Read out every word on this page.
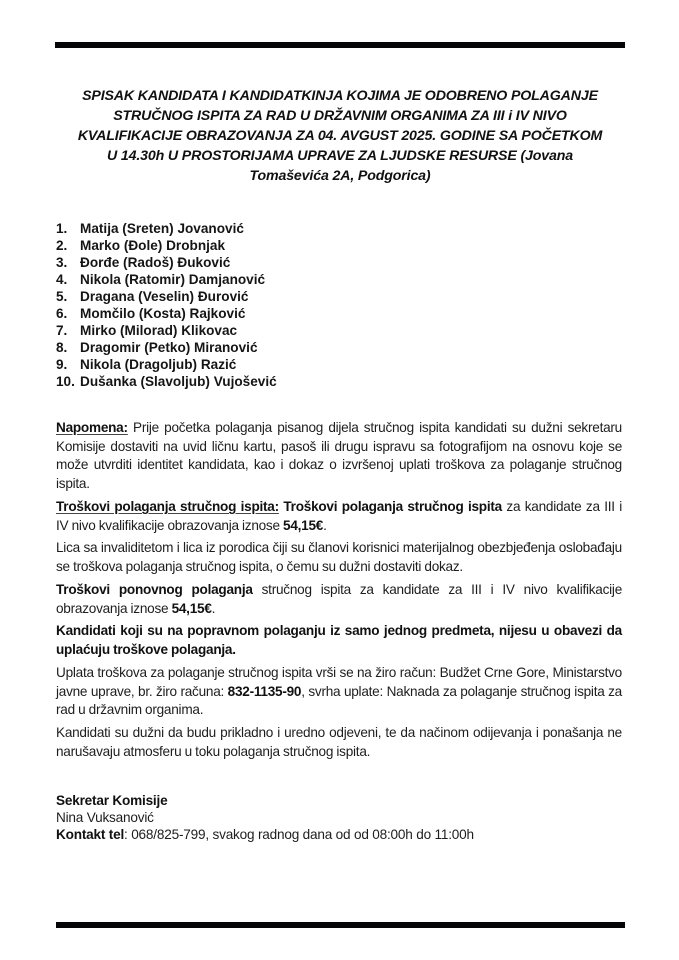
SPISAK KANDIDATA I KANDIDATKINJA KOJIMA JE ODOBRENO POLAGANJE
STRUČNOG ISPITA ZA RAD U DRŽAVNIM ORGANIMA ZA III i IV NIVO
KVALIFIKACIJE OBRAZOVANJA ZA 04. AVGUST 2025. GODINE SA POČETKOM
U 14.30h U PROSTORIJAMA UPRAVE ZA LJUDSKE RESURSE (Jovana
Tomaševića 2A, Podgorica)
1. Matija (Sreten) Jovanović
2. Marko (Đole) Drobnjak
3. Đorđe (Radoš) Đuković
4. Nikola (Ratomir) Damjanović
5. Dragana (Veselin) Đurović
6. Momčilo (Kosta) Rajković
7. Mirko (Milorad) Klikovac
8. Dragomir (Petko) Miranović
9. Nikola (Dragoljub) Razić
10. Dušanka (Slavoljub) Vujošević

Napomena: Prije početka polaganja pisanog dijela stručnog ispita kandidati su dužni sekretaru Komisije dostaviti na uvid ličnu kartu, pasoš ili drugu ispravu sa fotografijom na osnovu koje se može utvrditi identitet kandidata, kao i dokaz o izvršenoj uplati troškova za polaganje stručnog ispita.

Troškovi polaganja stručnog ispita: Troškovi polaganja stručnog ispita za kandidate za III i IV nivo kvalifikacije obrazovanja iznose 54,15€.

Lica sa invaliditetom i lica iz porodica čiji su članovi korisnici materijalnog obezbjeđenja oslobađaju se troškova polaganja stručnog ispita, o čemu su dužni dostaviti dokaz.

Troškovi ponovnog polaganja stručnog ispita za kandidate za III i IV nivo kvalifikacije obrazovanja iznose 54,15€.

Kandidati koji su na popravnom polaganju iz samo jednog predmeta, nijesu u obavezi da uplaćuju troškove polaganja.

Uplata troškova za polaganje stručnog ispita vrši se na žiro račun: Budžet Crne Gore, Ministarstvo javne uprave, br. žiro računa: 832-1135-90, svrha uplate: Naknada za polaganje stručnog ispita za rad u državnim organima.

Kandidati su dužni da budu prikladno i uredno odjeveni, te da načinom odijevanja i ponašanja ne narušavaju atmosferu u toku polaganja stručnog ispita.

Sekretar Komisije
Nina Vuksanović
Kontakt tel: 068/825-799, svakog radnog dana od od 08:00h do 11:00h
